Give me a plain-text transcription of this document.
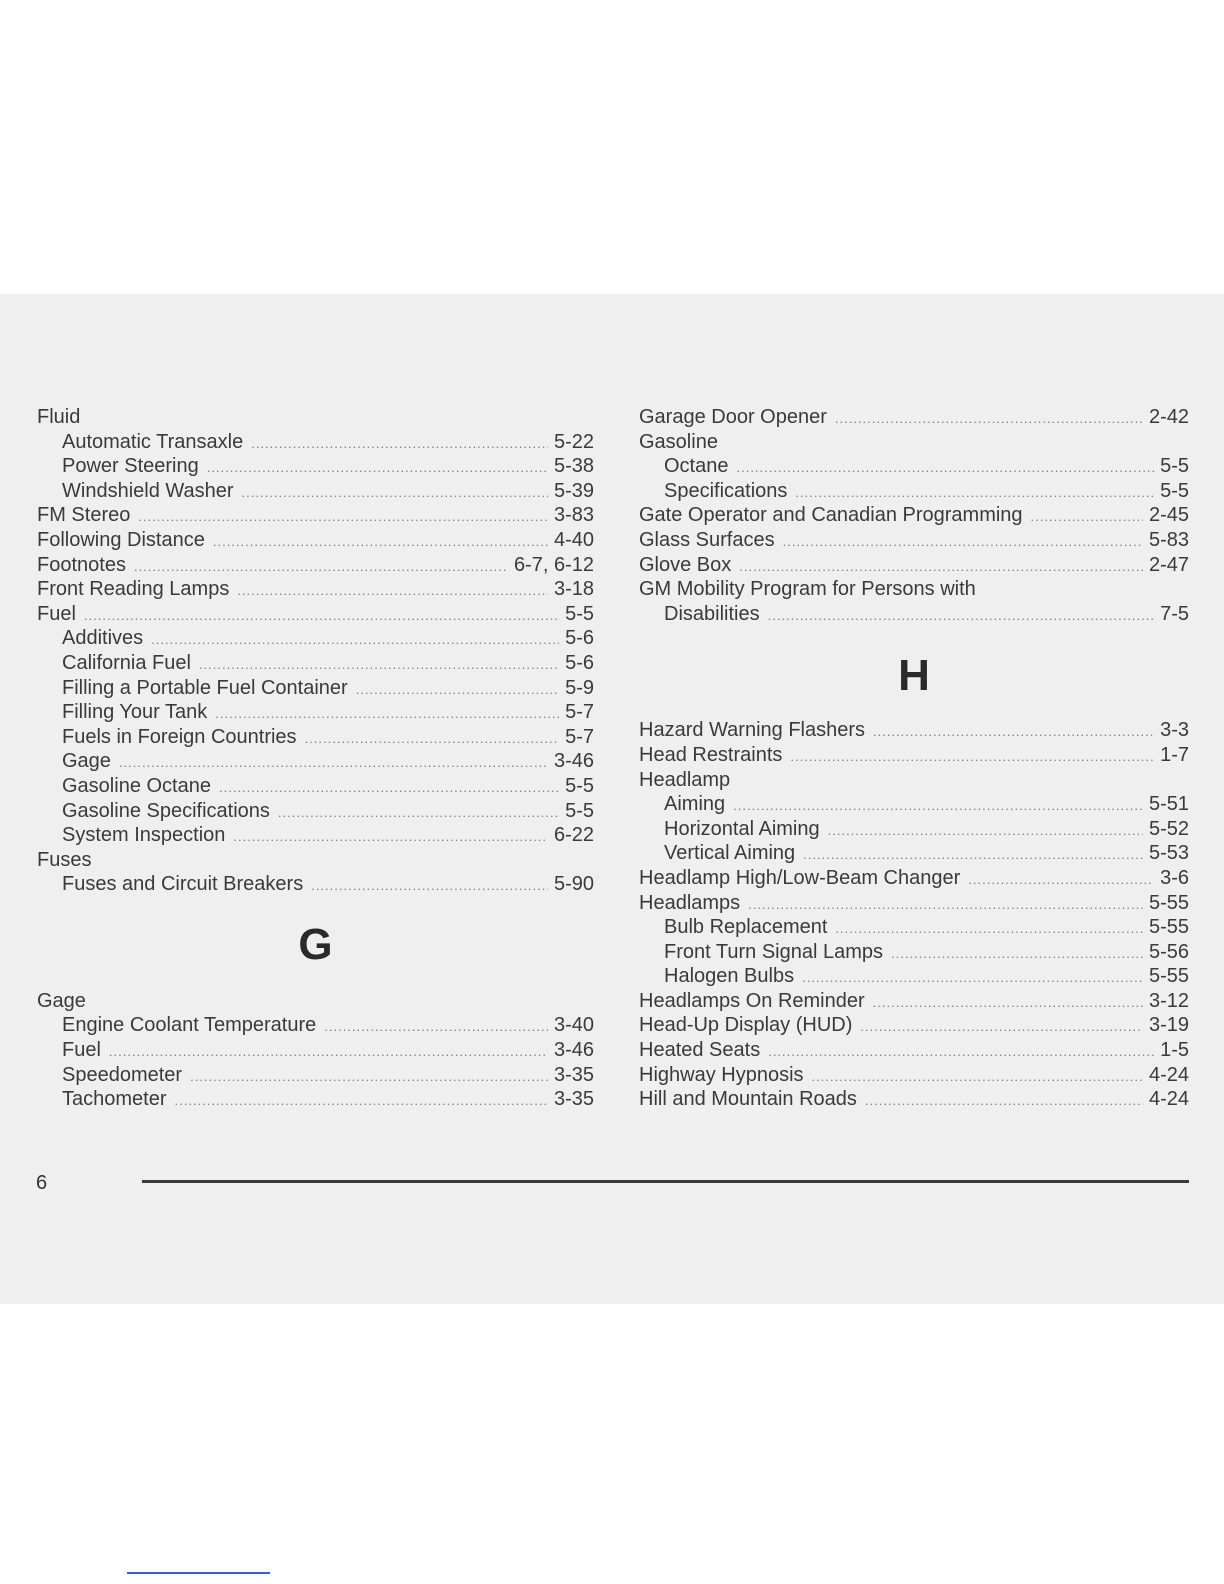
Fluid
Automatic Transaxle .....	5-22
Power Steering .....	5-38
Windshield Washer .....	5-39
FM Stereo .....	3-83
Following Distance .....	4-40
Footnotes .....	6-7, 6-12
Front Reading Lamps .....	3-18
Fuel .....	5-5
Additives .....	5-6
California Fuel .....	5-6
Filling a Portable Fuel Container .....	5-9
Filling Your Tank .....	5-7
Fuels in Foreign Countries .....	5-7
Gage .....	3-46
Gasoline Octane .....	5-5
Gasoline Specifications .....	5-5
System Inspection .....	6-22
Fuses
Fuses and Circuit Breakers .....	5-90
G
Gage
Engine Coolant Temperature .....	3-40
Fuel .....	3-46
Speedometer .....	3-35
Tachometer .....	3-35
Garage Door Opener .....	2-42
Gasoline
Octane .....	5-5
Specifications .....	5-5
Gate Operator and Canadian Programming .....	2-45
Glass Surfaces .....	5-83
Glove Box .....	2-47
GM Mobility Program for Persons with
Disabilities .....	7-5
H
Hazard Warning Flashers .....	3-3
Head Restraints .....	1-7
Headlamp
Aiming .....	5-51
Horizontal Aiming .....	5-52
Vertical Aiming .....	5-53
Headlamp High/Low-Beam Changer .....	3-6
Headlamps .....	5-55
Bulb Replacement .....	5-55
Front Turn Signal Lamps .....	5-56
Halogen Bulbs .....	5-55
Headlamps On Reminder .....	3-12
Head-Up Display (HUD) .....	3-19
Heated Seats .....	1-5
Highway Hypnosis .....	4-24
Hill and Mountain Roads .....	4-24
6
